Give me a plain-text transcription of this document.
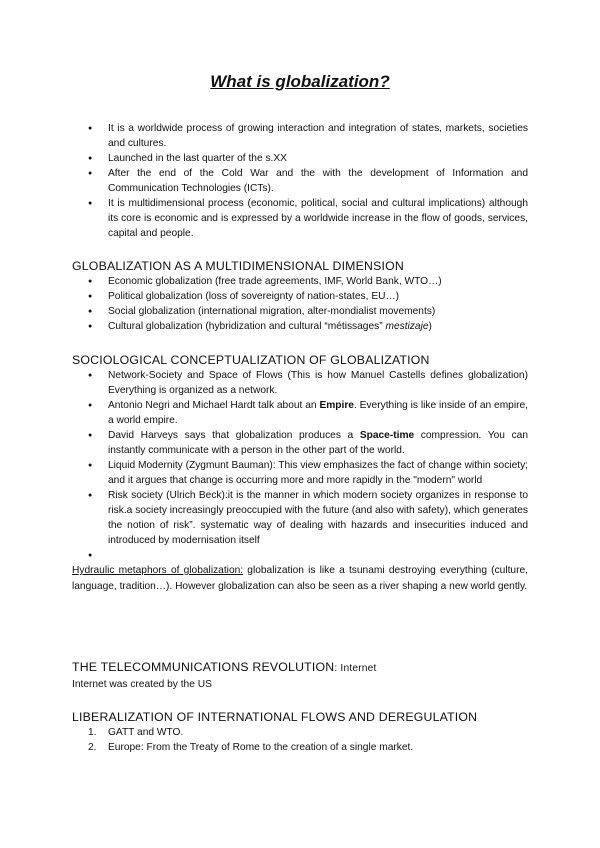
What is globalization?
● It is a worldwide process of growing interaction and integration of states, markets, societies and cultures.
● Launched in the last quarter of the s.XX
● After the end of the Cold War and the with the development of Information and Communication Technologies (ICTs).
● It is multidimensional process (economic, political, social and cultural implications) although its core is economic and is expressed by a worldwide increase in the flow of goods, services, capital and people.
GLOBALIZATION AS A MULTIDIMENSIONAL DIMENSION
● Economic globalization (free trade agreements, IMF, World Bank, WTO…)
● Political globalization (loss of sovereignty of nation-states, EU…)
● Social globalization (international migration, alter-mondialist movements)
● Cultural globalization (hybridization and cultural “métissages” mestizaje)
SOCIOLOGICAL CONCEPTUALIZATION OF GLOBALIZATION
● Network-Society and Space of Flows (This is how Manuel Castells defines globalization) Everything is organized as a network.
● Antonio Negri and Michael Hardt talk about an Empire. Everything is like inside of an empire, a world empire.
● David Harveys says that globalization produces a Space-time compression. You can instantly communicate with a person in the other part of the world.
● Liquid Modernity (Zygmunt Bauman): This view emphasizes the fact of change within society; and it argues that change is occurring more and more rapidly in the "modern" world
● Risk society (Ulrich Beck):it is the manner in which modern society organizes in response to risk.a society increasingly preoccupied with the future (and also with safety), which generates the notion of risk”. systematic way of dealing with hazards and insecurities induced and introduced by modernisation itself
●

Hydraulic metaphors of globalization: globalization is like a tsunami destroying everything (culture, language, tradition…). However globalization can also be seen as a river shaping a new world gently.

THE TELECOMMUNICATIONS REVOLUTION: Internet

Internet was created by the US

LIBERALIZATION OF INTERNATIONAL FLOWS AND DEREGULATION
1. GATT and WTO.
2. Europe: From the Treaty of Rome to the creation of a single market.
